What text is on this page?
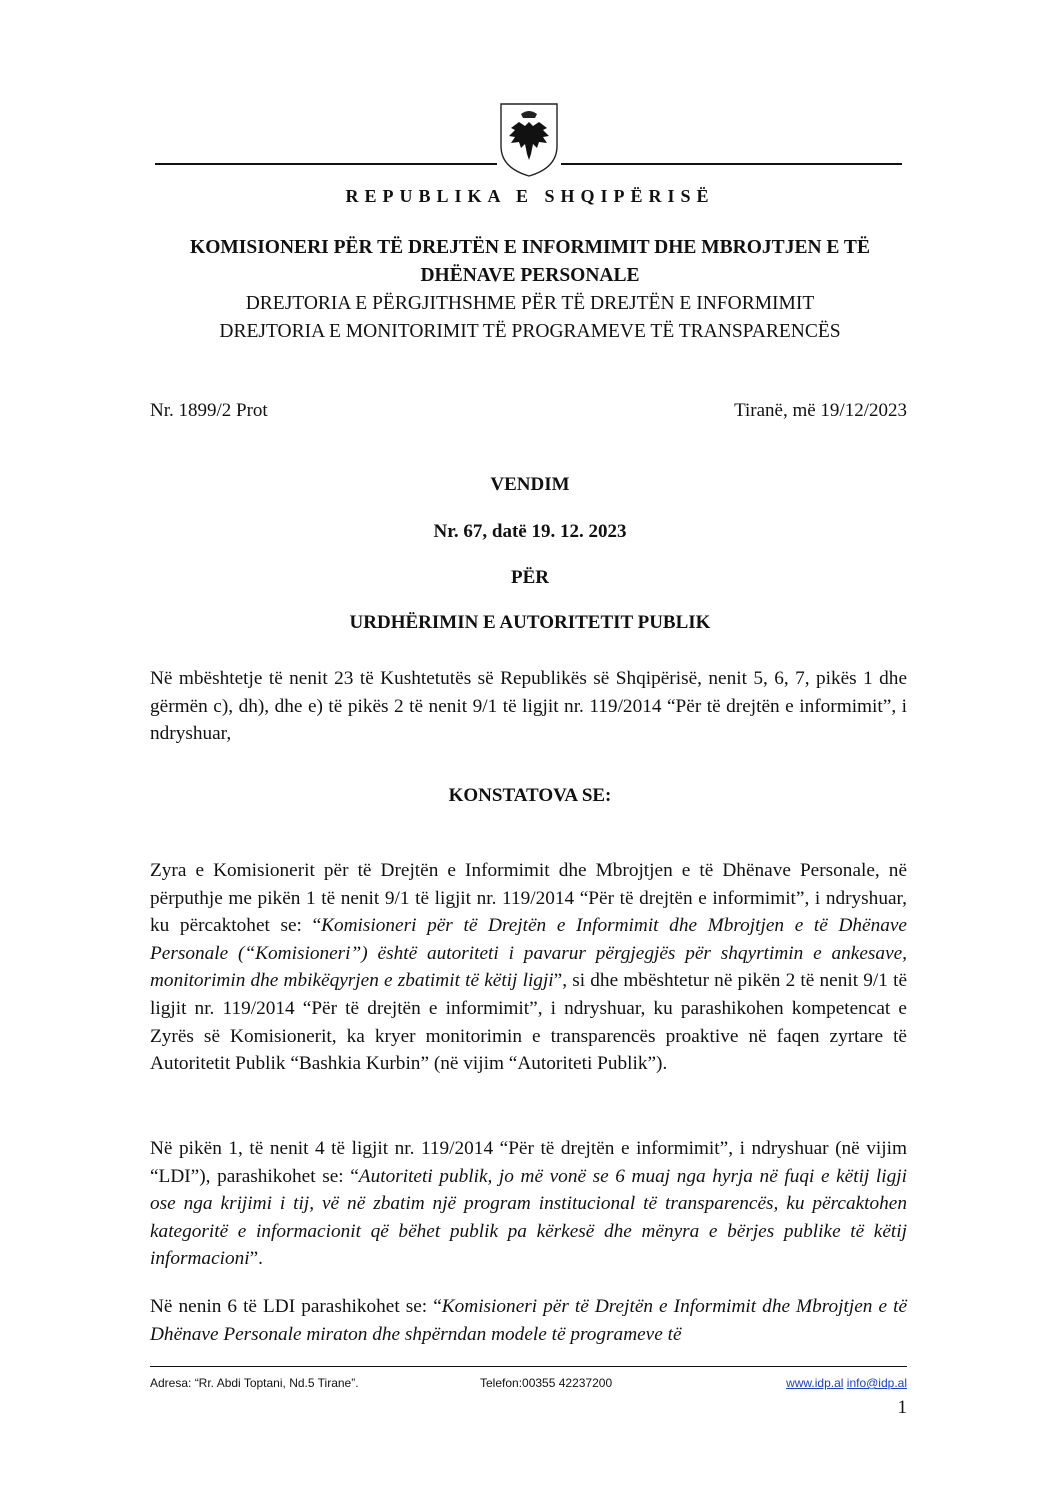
REPUBLIKA E SHQIPËRISË
KOMISIONERI PËR TË DREJTËN E INFORMIMIT DHE MBROJTJEN E TË
DHËNAVE PERSONALE
DREJTORIA E PËRGJITHSHME PËR TË DREJTËN E INFORMIMIT
DREJTORIA E MONITORIMIT TË PROGRAMEVE TË TRANSPARENCËS
Nr. 1899/2 Prot	Tiranë, më 19/12/2023
VENDIM
Nr. 67, datë 19. 12. 2023
PËR
URDHËRIMIN E AUTORITETIT PUBLIK
Në mbështetje të nenit 23 të Kushtetutës së Republikës së Shqipërisë, nenit 5, 6, 7, pikës 1 dhe gërmën c), dh), dhe e) të pikës 2 të nenit 9/1 të ligjit nr. 119/2014 “Për të drejtën e informimit”, i ndryshuar,
KONSTATOVA SE:
Zyra e Komisionerit për të Drejtën e Informimit dhe Mbrojtjen e të Dhënave Personale, në përputhje me pikën 1 të nenit 9/1 të ligjit nr. 119/2014 “Për të drejtën e informimit”, i ndryshuar, ku përcaktohet se: “Komisioneri për të Drejtën e Informimit dhe Mbrojtjen e të Dhënave Personale (“Komisioneri”) është autoriteti i pavarur përgjegjës për shqyrtimin e ankesave, monitorimin dhe mbikëqyrjen e zbatimit të këtij ligji”, si dhe mbështetur në pikën 2 të nenit 9/1 të ligjit nr. 119/2014 “Për të drejtën e informimit”, i ndryshuar, ku parashikohen kompetencat e Zyrës së Komisionerit, ka kryer monitorimin e transparencës proaktive në faqen zyrtare të Autoritetit Publik “Bashkia Kurbin” (në vijim “Autoriteti Publik”).
Në pikën 1, të nenit 4 të ligjit nr. 119/2014 “Për të drejtën e informimit”, i ndryshuar (në vijim “LDI”), parashikohet se: “Autoriteti publik, jo më vonë se 6 muaj nga hyrja në fuqi e këtij ligji ose nga krijimi i tij, vë në zbatim një program institucional të transparencës, ku përcaktohen kategoritë e informacionit që bëhet publik pa kërkesë dhe mënyra e bërjes publike të këtij informacioni”.
Në nenin 6 të LDI parashikohet se: “Komisioneri për të Drejtën e Informimit dhe Mbrojtjen e të Dhënave Personale miraton dhe shpërndan modele të programeve të
Adresa: “Rr. Abdi Toptani, Nd.5 Tirane”.	Telefon:00355 42237200	www.idp.al info@idp.al
1
